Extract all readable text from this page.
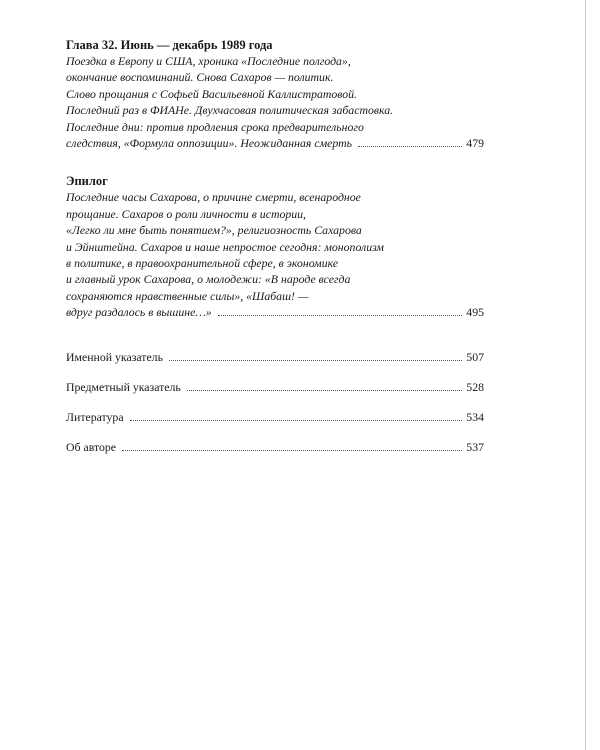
Глава 32. Июнь — декабрь 1989 года

Поездка в Европу и США, хроника «Последние полгода»,
окончание воспоминаний. Снова Сахаров — политик.
Слово прощания с Софьей Васильевной Каллистратовой.
Последний раз в ФИАНе. Двухчасовая политическая забастовка.
Последние дни: против продления срока предварительного
следствия, «Формула оппозиции». Неожиданная смерть	479

Эпилог

Последние часы Сахарова, о причине смерти, всенародное
прощание. Сахаров о роли личности в истории,
«Легко ли мне быть понятием?», религиозность Сахарова
и Эйнштейна. Сахаров и наше непростое сегодня: монополизм
в политике, в правоохранительной сфере, в экономике
и главный урок Сахарова, о молодежи: «В народе всегда
сохраняются нравственные силы», «Шабаш! —
вдруг раздалось в вышине…»	495
Именной указатель	507
Предметный указатель	528
Литература	534
Об авторе	537
